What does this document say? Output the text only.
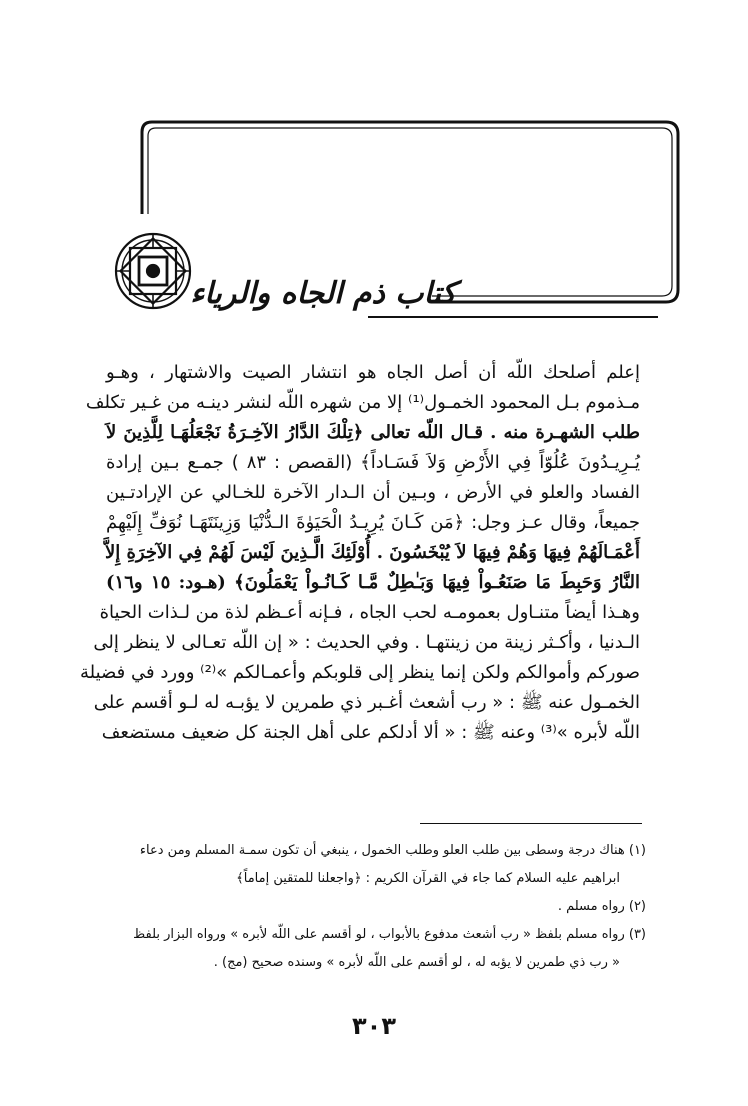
كتاب ذم الجاه والرياء
إعلم أصلحك اللّه أن أصل الجاه هو انتشار الصيت والاشتهار ، وهـو
مـذموم بـل المحمود الخمـول⁽¹⁾ إلا من شهره اللّه لنشر دينـه من غـير تكلف
طلب الشهـرة منه . قـال اللّه تعالى ﴿تِلْكَ الدَّارُ الآخِـرَةُ نَجْعَلُهَـا لِلَّذِينَ لاَ
يُـرِيـدُونَ عُلُوّاً فِي الأَرْضِ وَلاَ فَسَـاداً﴾ (القصص : ٨٣ ) جمـع بـين إرادة
الفساد والعلو في الأرض ، وبـين أن الـدار الآخرة للخـالي عن الإرادتـين
جميعاً، وقال عـز وجل: ﴿مَن كَـانَ يُرِيـدُ الْحَيَوٰةَ الـدُّنْيَا وَزِينَتَهَـا نُوَفِّ إِلَيْهِمْ
أَعْمَـالَهُمْ فِيهَا وَهُمْ فِيهَا لاَ يُبْخَسُونَ . أُوْلَئِكَ الَّـذِينَ لَيْسَ لَهُمْ فِي الآخِرَةِ إِلاَّ
النَّارُ وَحَبِطَ مَا صَنَعُـواْ فِيهَا وَبَـٰطِلٌ مَّـا كَـانُـواْ يَعْمَلُونَ﴾ (هـود: ١٥ و١٦)
وهـذا أيضاً متنـاول بعمومـه لحب الجاه ، فـإنه أعـظم لذة من لـذات الحياة
الـدنيا ، وأكـثر زينة من زينتهـا . وفي الحديث : « إن اللّه تعـالى لا ينظر إلى
صوركم وأموالكم ولكن إنما ينظر إلى قلوبكم وأعمـالكم »⁽²⁾ وورد في فضيلة
الخمـول عنه ﷺ : « رب أشعث أغـبر ذي طمرين لا يؤبـه له لـو أقسم على
اللّه لأبره »⁽³⁾ وعنه ﷺ : « ألا أدلكم على أهل الجنة كل ضعيف مستضعف
(١) هناك درجة وسطى بين طلب العلو وطلب الخمول ، ينبغي أن تكون سمـة المسلم ومن دعاء
ابراهيم عليه السلام كما جاء في القرآن الكريم : ﴿واجعلنا للمتقين إماماً﴾
(٢) رواه مسلم .
(٣) رواه مسلم بلفظ « رب أشعث مدفوع بالأبواب ، لو أقسم على اللّه لأبره » ورواه البزار بلفظ
« رب ذي طمرين لا يؤبه له ، لو أقسم على اللّه لأبره » وسنده صحيح (مج) .
٣٠٣
